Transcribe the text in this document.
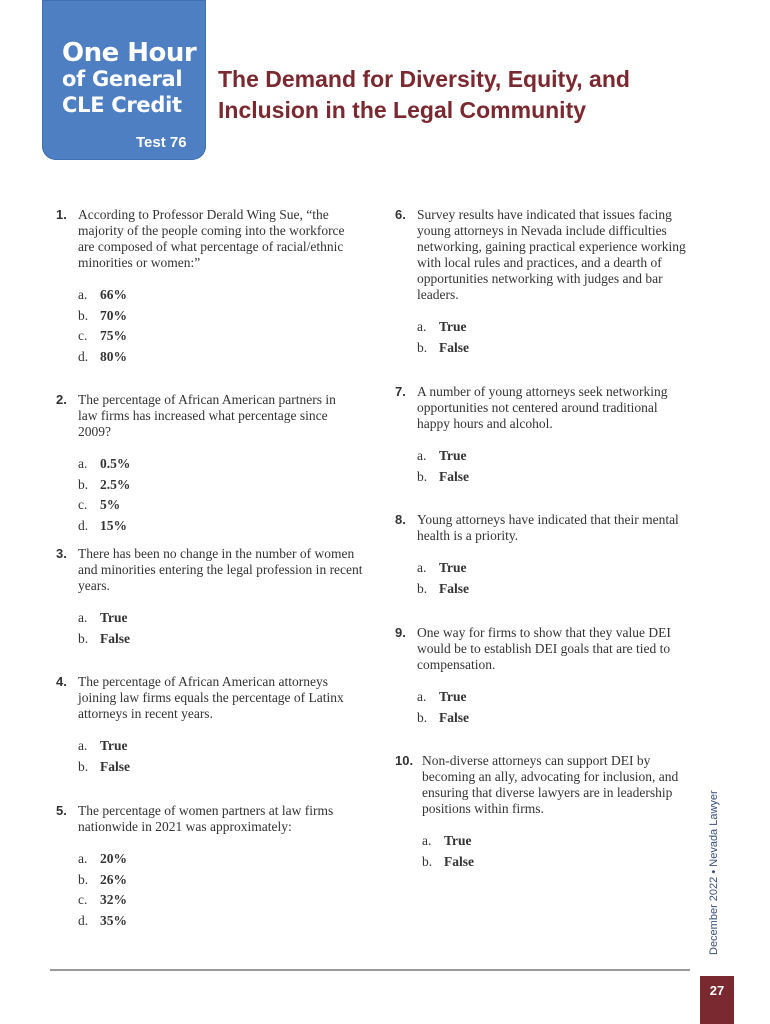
One Hour
of General
CLE Credit
Test 76
The Demand for Diversity, Equity, and
Inclusion in the Legal Community
1. According to Professor Derald Wing Sue, “the majority of the people coming into the workforce are composed of what percentage of racial/ethnic minorities or women:”
a. 66%
b. 70%
c. 75%
d. 80%
2. The percentage of African American partners in law firms has increased what percentage since 2009?
a. 0.5%
b. 2.5%
c. 5%
d. 15%
3. There has been no change in the number of women and minorities entering the legal profession in recent years.
a. True
b. False
4. The percentage of African American attorneys joining law firms equals the percentage of Latinx attorneys in recent years.
a. True
b. False
5. The percentage of women partners at law firms nationwide in 2021 was approximately:
a. 20%
b. 26%
c. 32%
d. 35%
6. Survey results have indicated that issues facing young attorneys in Nevada include difficulties networking, gaining practical experience working with local rules and practices, and a dearth of opportunities networking with judges and bar leaders.
a. True
b. False
7. A number of young attorneys seek networking opportunities not centered around traditional happy hours and alcohol.
a. True
b. False
8. Young attorneys have indicated that their mental health is a priority.
a. True
b. False
9. One way for firms to show that they value DEI would be to establish DEI goals that are tied to compensation.
a. True
b. False
10. Non-diverse attorneys can support DEI by becoming an ally, advocating for inclusion, and ensuring that diverse lawyers are in leadership positions within firms.
a. True
b. False
December 2022 • Nevada Lawyer
27
